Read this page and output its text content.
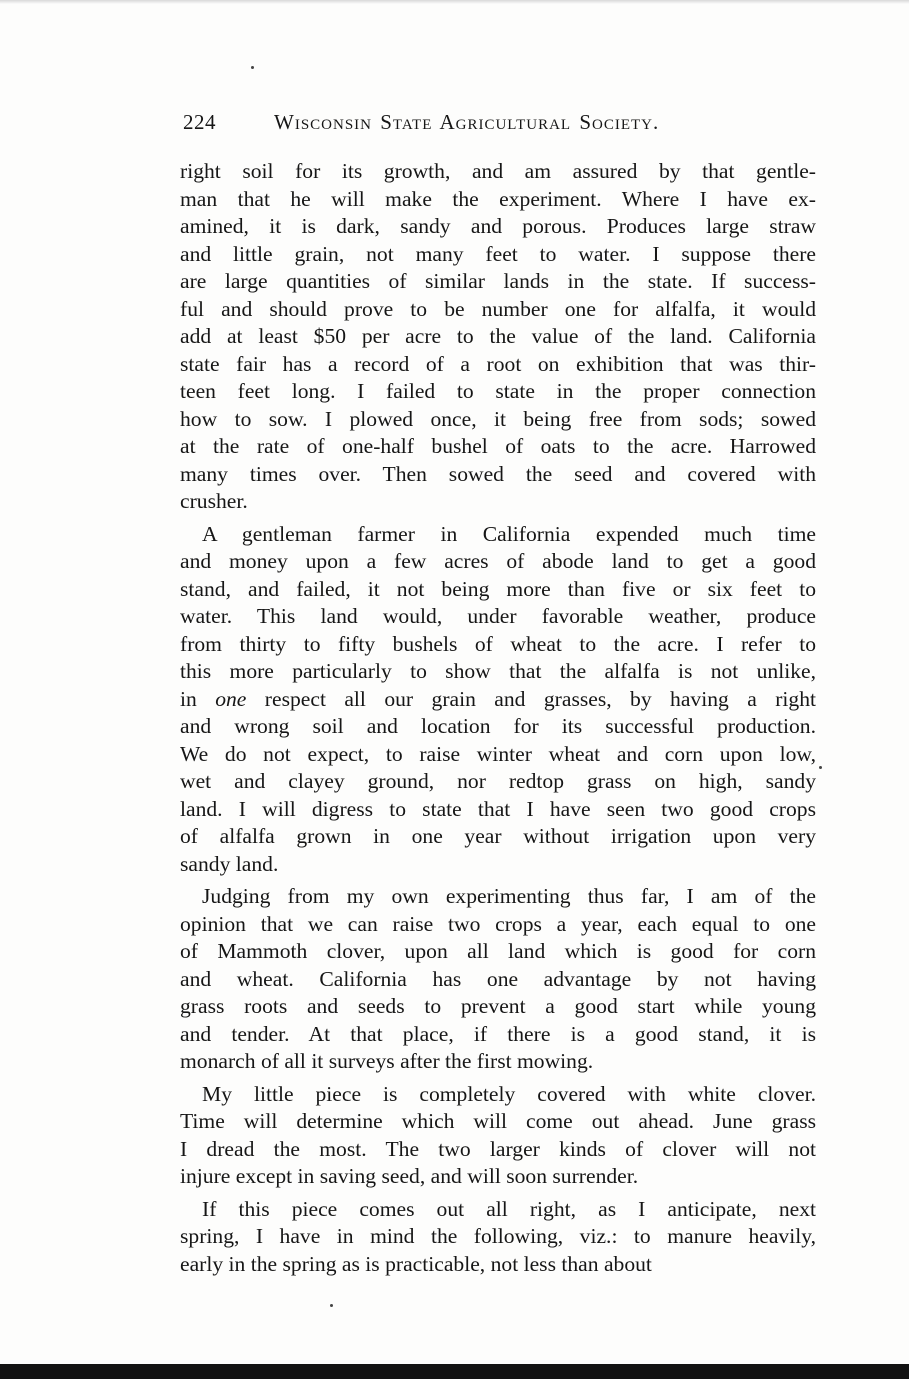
224	Wisconsin State Agricultural Society.
right soil for its growth, and am assured by that gentle-
man that he will make the experiment. Where I have ex-
amined, it is dark, sandy and porous. Produces large straw
and little grain, not many feet to water. I suppose there
are large quantities of similar lands in the state. If success-
ful and should prove to be number one for alfalfa, it would
add at least $50 per acre to the value of the land. California
state fair has a record of a root on exhibition that was thir-
teen feet long. I failed to state in the proper connection
how to sow. I plowed once, it being free from sods; sowed
at the rate of one-half bushel of oats to the acre. Harrowed
many times over. Then sowed the seed and covered with
crusher.
A gentleman farmer in California expended much time
and money upon a few acres of abode land to get a good
stand, and failed, it not being more than five or six feet to
water. This land would, under favorable weather, produce
from thirty to fifty bushels of wheat to the acre. I refer to
this more particularly to show that the alfalfa is not unlike,
in one respect all our grain and grasses, by having a right
and wrong soil and location for its successful production.
We do not expect, to raise winter wheat and corn upon low,
wet and clayey ground, nor redtop grass on high, sandy
land. I will digress to state that I have seen two good crops
of alfalfa grown in one year without irrigation upon very
sandy land.
Judging from my own experimenting thus far, I am of the
opinion that we can raise two crops a year, each equal to one
of Mammoth clover, upon all land which is good for corn
and wheat. California has one advantage by not having
grass roots and seeds to prevent a good start while young
and tender. At that place, if there is a good stand, it is
monarch of all it surveys after the first mowing.
My little piece is completely covered with white clover.
Time will determine which will come out ahead. June grass
I dread the most. The two larger kinds of clover will not
injure except in saving seed, and will soon surrender.
If this piece comes out all right, as I anticipate, next
spring, I have in mind the following, viz.: to manure heavily,
early in the spring as is practicable, not less than about
